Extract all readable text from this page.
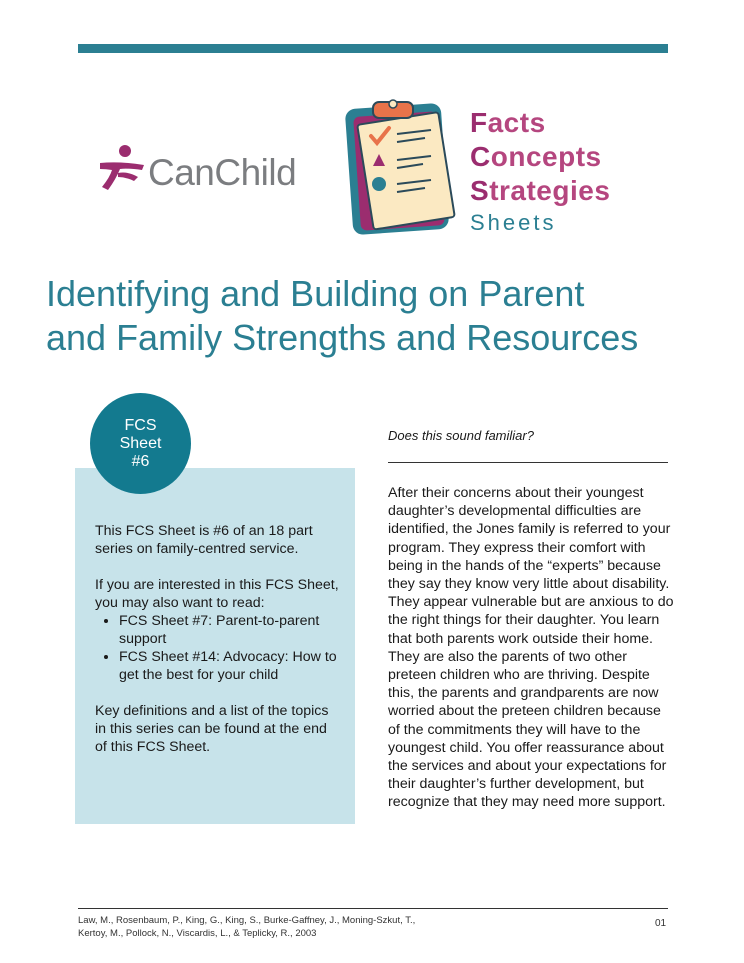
CanChild
Facts
Concepts
Strategies
Sheets
Identifying and Building on Parent
and Family Strengths and Resources
FCS
Sheet
#6

This FCS Sheet is #6 of an 18 part series on family-centred service.

If you are interested in this FCS Sheet, you may also want to read:

• FCS Sheet #7: Parent-to-parent support
• FCS Sheet #14: Advocacy: How to get the best for your child

Key definitions and a list of the topics in this series can be found at the end of this FCS Sheet.

Does this sound familiar?

After their concerns about their youngest daughter’s developmental difficulties are identified, the Jones family is referred to your program. They express their comfort with being in the hands of the “experts” because they say they know very little about disability. They appear vulnerable but are anxious to do the right things for their daughter. You learn that both parents work outside their home. They are also the parents of two other preteen children who are thriving. Despite this, the parents and grandparents are now worried about the preteen children because of the commitments they will have to the youngest child. You offer reassurance about the services and about your expectations for their daughter’s further development, but recognize that they may need more support.

Law, M., Rosenbaum, P., King, G., King, S., Burke-Gaffney, J., Moning-Szkut, T.,
Kertoy, M., Pollock, N., Viscardis, L., & Teplicky, R., 2003
01
